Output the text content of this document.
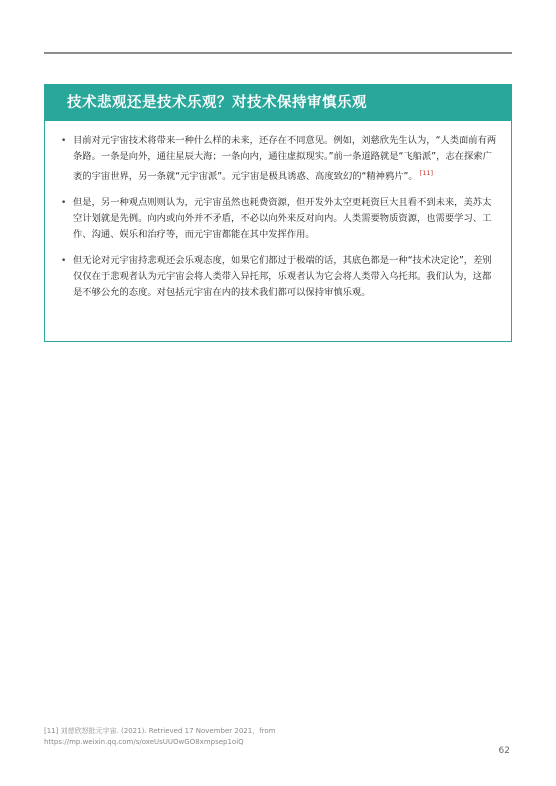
技术悲观还是技术乐观？对技术保持审慎乐观
• 目前对元宇宙技术将带来一种什么样的未来，还存在不同意见。例如，刘慈欣先生认为，“人类面前有两条路。一条是向外，通往星辰大海；一条向内，通往虚拟现实。”前一条道路就是“飞船派”，志在探索广袤的宇宙世界，另一条就“元宇宙派”。元宇宙是极具诱惑、高度致幻的“精神鸦片”。 [11]
• 但是，另一种观点则则认为，元宇宙虽然也耗费资源，但开发外太空更耗资巨大且看不到未来，美苏太空计划就是先例。向内或向外并不矛盾，不必以向外来反对向内。人类需要物质资源，也需要学习、工作、沟通、娱乐和治疗等，而元宇宙都能在其中发挥作用。
• 但无论对元宇宙持悲观还会乐观态度，如果它们都过于极端的话，其底色都是一种“技术决定论”，差别仅仅在于悲观者认为元宇宙会将人类带入异托邦，乐观者认为它会将人类带入乌托邦。我们认为，这都是不够公允的态度。对包括元宇宙在内的技术我们都可以保持审慎乐观。
[11] 刘慈欣怒批元宇宙. (2021). Retrieved 17 November 2021，from
https://mp.weixin.qq.com/s/oxeUsUUOwGO8xmpsep1oiQ
62
